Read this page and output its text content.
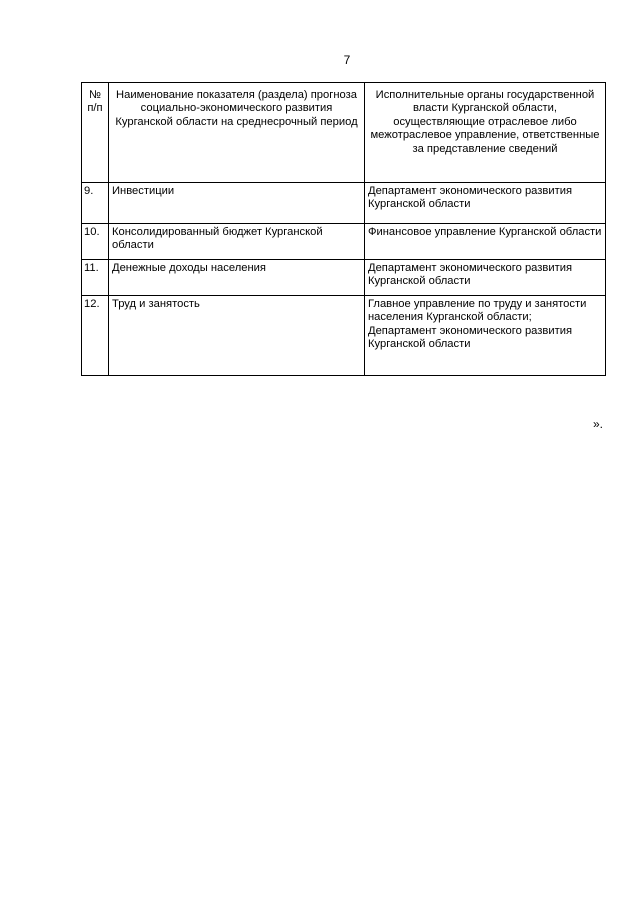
7
№ п/п	Наименование показателя (раздела) прогноза социально-экономического развития Курганской области на среднесрочный период	Исполнительные органы государственной власти Курганской области, осуществляющие отраслевое либо межотраслевое управление, ответственные за представление сведений
9.	Инвестиции	Департамент экономического развития Курганской области

10.	Консолидированный бюджет Курганской области	Финансовое управление Курганской области

11.	Денежные доходы населения	Департамент экономического развития Курганской области

12.	Труд и занятость	Главное управление по труду и занятости населения Курганской области;
Департамент экономического развития Курганской области
».
